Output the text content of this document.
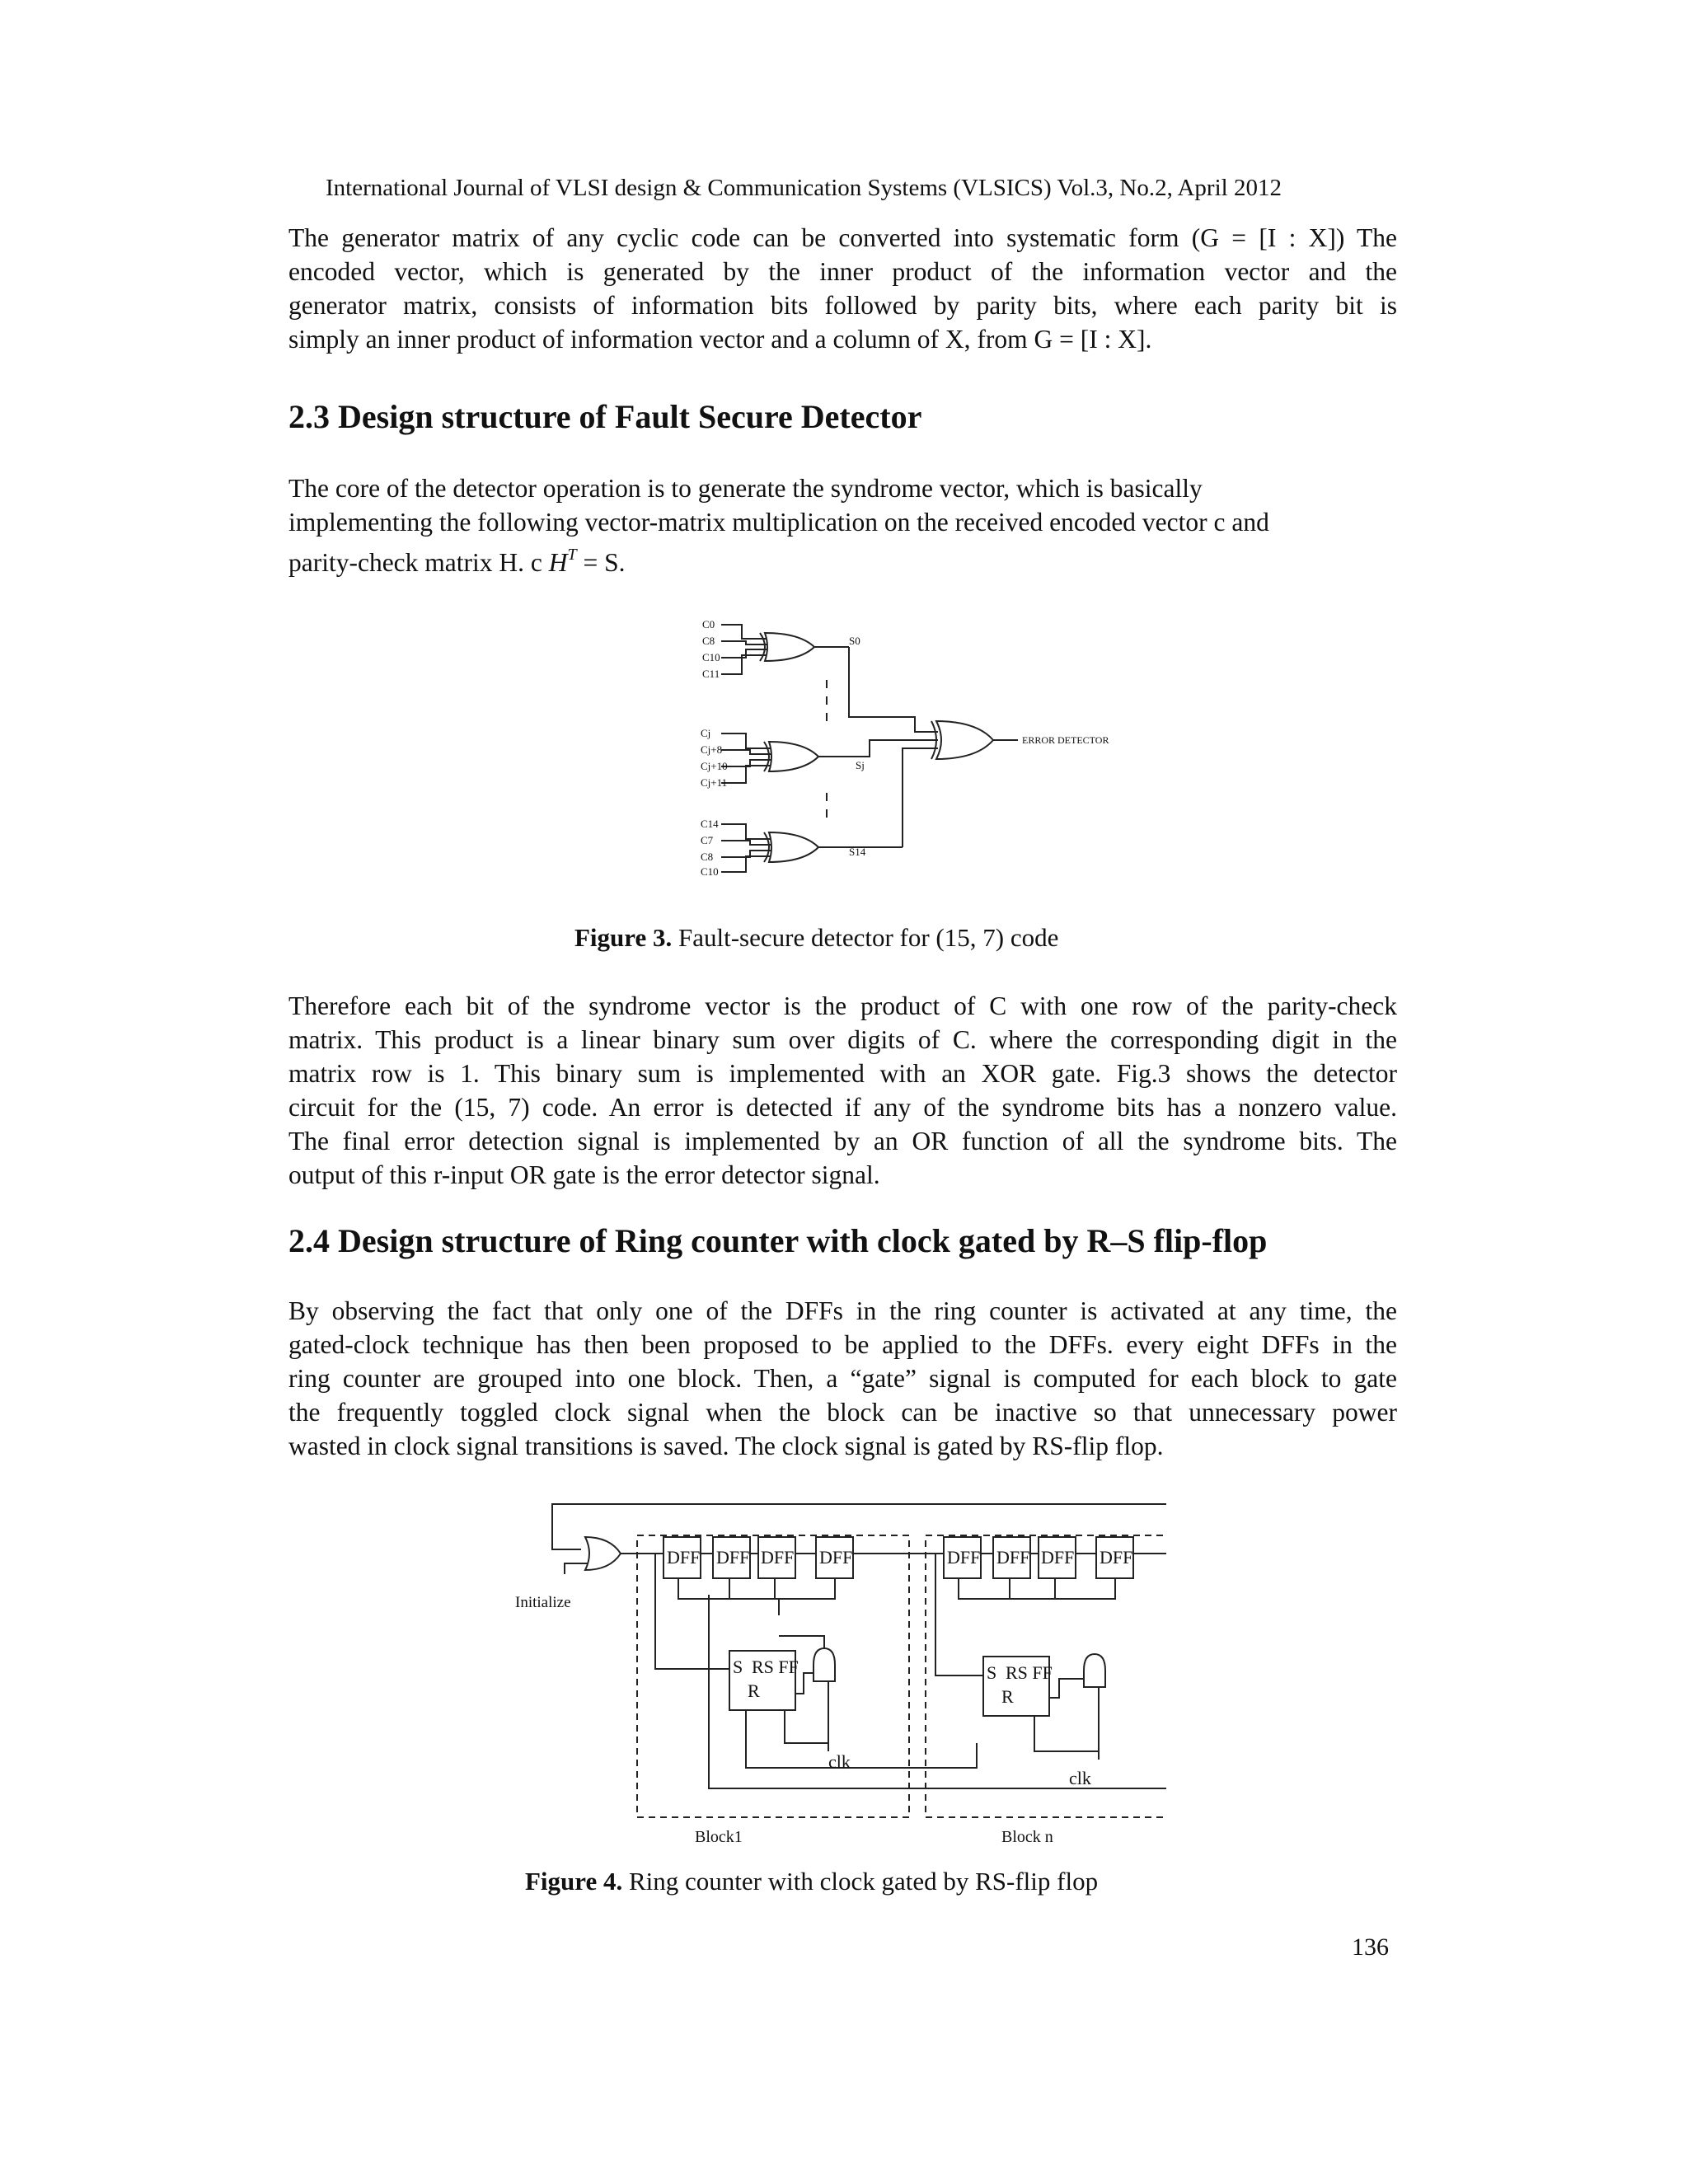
International Journal of VLSI design & Communication Systems (VLSICS) Vol.3, No.2, April 2012
The generator matrix of any cyclic code can be converted into systematic form (G = [I : X]) The
encoded vector, which is generated by the inner product of the information vector and the
generator matrix, consists of information bits followed by parity bits, where each parity bit is
simply an inner product of information vector and a column of X, from G = [I : X].
2.3 Design structure of Fault Secure Detector
The core of the detector operation is to generate the syndrome vector, which is basically
implementing the following vector-matrix multiplication on the received encoded vector c and
parity-check matrix H. c $H^T = S$.
C0
C8
C10
C11
Cj
Cj+8
Cj+10
Cj+11
C14
C7
C8
C10
S0
Sj
S14
ERROR DETECTOR
Figure 3. Fault-secure detector for (15, 7) code
Therefore each bit of the syndrome vector is the product of C with one row of the parity-check
matrix. This product is a linear binary sum over digits of C. where the corresponding digit in the
matrix row is 1. This binary sum is implemented with an XOR gate. Fig.3 shows the detector
circuit for the (15, 7) code. An error is detected if any of the syndrome bits has a nonzero value.
The final error detection signal is implemented by an OR function of all the syndrome bits. The
output of this r-input OR gate is the error detector signal.
2.4 Design structure of Ring counter with clock gated by R–S flip-flop
By observing the fact that only one of the DFFs in the ring counter is activated at any time, the
gated-clock technique has then been proposed to be applied to the DFFs. every eight DFFs in the
ring counter are grouped into one block. Then, a “gate” signal is computed for each block to gate
the frequently toggled clock signal when the block can be inactive so that unnecessary power
wasted in clock signal transitions is saved. The clock signal is gated by RS-flip flop.
Initialize
DFF DFF DFF DFF	DFF DFF DFF DFF
S RS FF
R
S RS FF
R
clk
clk
Block1	Block n
Figure 4. Ring counter with clock gated by RS-flip flop
136
